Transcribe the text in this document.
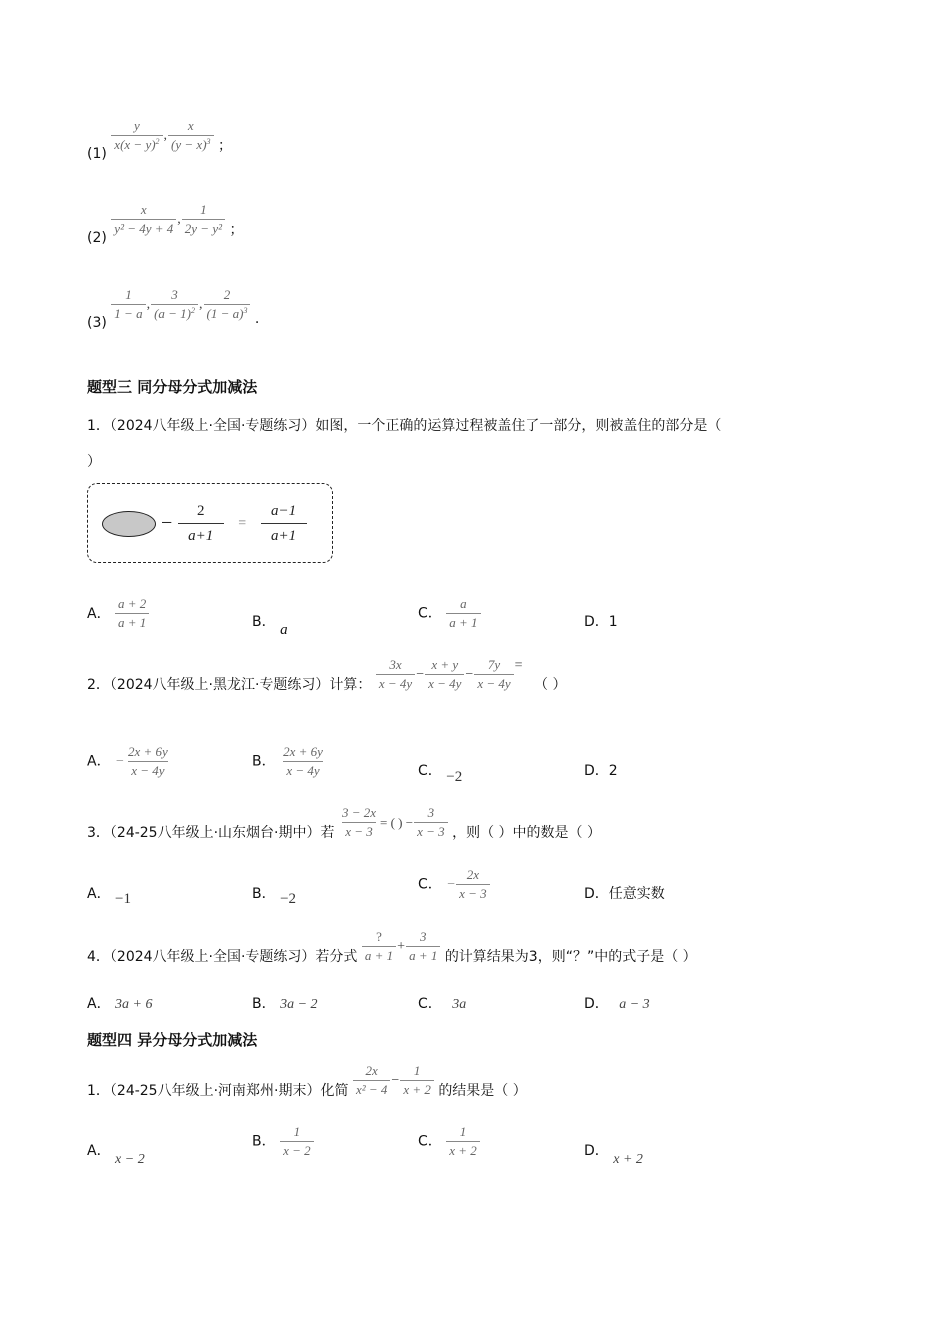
(1)
$\frac{y}{x(x - y)^2}$ , $\frac{x}{(y - x)^3}$ ；
(2)
$\frac{x}{\text{y² − 4y + 4}}$ , $\frac{1}{\text{2y − y²}}$ ；
(3)
$\frac{1}{1 - a}$ , $\frac{3}{(a - 1)^2}$ , $\frac{2}{(1 - a)^3}$ .
题型三 同分母分式加减法
1．（2024八年级上·全国·专题练习）如图，一个正确的运算过程被盖住了一部分，则被盖住的部分是（
）
− $\frac{2}{a+1} = \frac{a-1}{a+1}$
A． $\frac{a + 2}{a + 1}$	B． a
C． $\frac{a}{a + 1}$	D．1
2．（2024八年级上·黑龙江·专题练习）计算： $\frac{3x}{x - 4y} - \frac{x + y}{x - 4y} - \frac{7y}{x - 4y}$ = （ ）
A． − $\frac{2x + 6y}{x - 4y}$	B． $\frac{2x + 6y}{x - 4y}$	C． −2	D．2
3．（24-25八年级上·山东烟台·期中）若 $\frac{3 - 2x}{x - 3}$ = ( ) − $\frac{3}{x - 3}$ ，则（ ）中的数是（ ）
A． −1	B． −2
C． − $\frac{2x}{x - 3}$	D．任意实数
4．（2024八年级上·全国·专题练习）若分式 $\frac{?}{a + 1} + \frac{3}{a + 1}$ 的计算结果为3，则“？”中的式子是（ ）
A． 3a + 6	B． 3a − 2	C． 3a	D． a − 3
题型四 异分母分式加减法
1．（24-25八年级上·河南郑州·期末）化简 $\frac{2x}{\text{x² − 4}} - \frac{1}{x + 2}$ 的结果是（ ）
A． x − 2
B． $\frac{1}{x - 2}$	C． $\frac{1}{x + 2}$	D． x + 2
